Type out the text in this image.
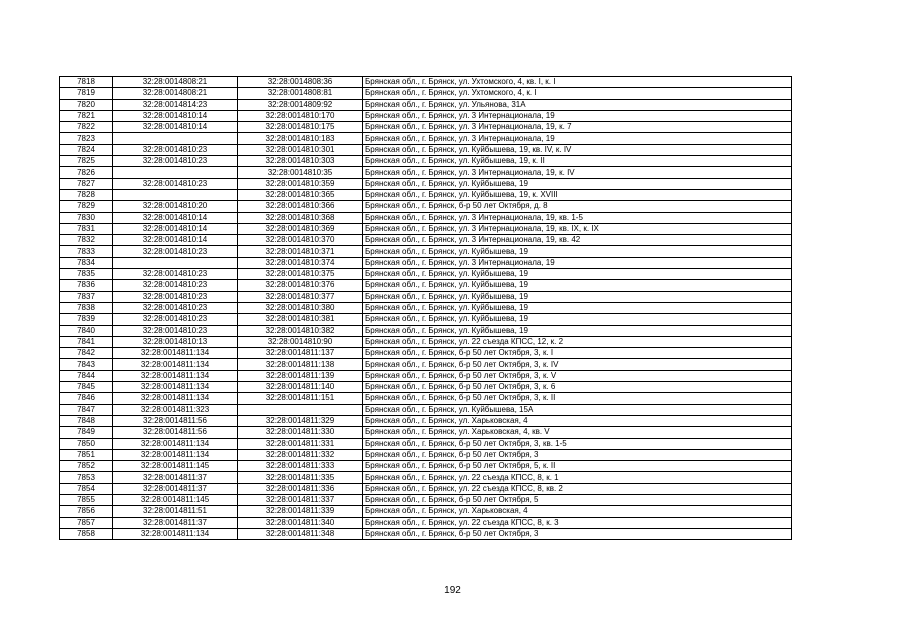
7818	32:28:0014808:21	32:28:0014808:36	Брянская обл., г. Брянск, ул. Ухтомского, 4, кв. I, к. I
7819	32:28:0014808:21	32:28:0014808:81	Брянская обл., г. Брянск, ул. Ухтомского, 4, к. I
7820	32:28:0014814:23	32:28:0014809:92	Брянская обл., г. Брянск, ул. Ульянова, 31А
7821	32:28:0014810:14	32:28:0014810:170	Брянская обл., г. Брянск, ул. 3 Интернационала, 19
7822	32:28:0014810:14	32:28:0014810:175	Брянская обл., г. Брянск, ул. 3 Интернационала, 19, к. 7
7823		32:28:0014810:183	Брянская обл., г. Брянск, ул. 3 Интернационала, 19
7824	32:28:0014810:23	32:28:0014810:301	Брянская обл., г. Брянск, ул. Куйбышева, 19, кв. IV, к. IV
7825	32:28:0014810:23	32:28:0014810:303	Брянская обл., г. Брянск, ул. Куйбышева, 19, к. II
7826		32:28:0014810:35	Брянская обл., г. Брянск, ул. 3 Интернационала, 19, к. IV
7827	32:28:0014810:23	32:28:0014810:359	Брянская обл., г. Брянск, ул. Куйбышева, 19
7828		32:28:0014810:365	Брянская обл., г. Брянск, ул. Куйбышева, 19, к. XVIII
7829	32:28:0014810:20	32:28:0014810:366	Брянская обл., г. Брянск, б-р 50 лет Октября, д. 8
7830	32:28:0014810:14	32:28:0014810:368	Брянская обл., г. Брянск, ул. 3 Интернационала, 19, кв. 1-5
7831	32:28:0014810:14	32:28:0014810:369	Брянская обл., г. Брянск, ул. 3 Интернационала, 19, кв. IX, к. IX
7832	32:28:0014810:14	32:28:0014810:370	Брянская обл., г. Брянск, ул. 3 Интернационала, 19, кв. 42
7833	32:28:0014810:23	32:28:0014810:371	Брянская обл., г. Брянск, ул. Куйбышева, 19
7834		32:28:0014810:374	Брянская обл., г. Брянск, ул. 3 Интернационала, 19
7835	32:28:0014810:23	32:28:0014810:375	Брянская обл., г. Брянск, ул. Куйбышева, 19
7836	32:28:0014810:23	32:28:0014810:376	Брянская обл., г. Брянск, ул. Куйбышева, 19
7837	32:28:0014810:23	32:28:0014810:377	Брянская обл., г. Брянск, ул. Куйбышева, 19
7838	32:28:0014810:23	32:28:0014810:380	Брянская обл., г. Брянск, ул. Куйбышева, 19
7839	32:28:0014810:23	32:28:0014810:381	Брянская обл., г. Брянск, ул. Куйбышева, 19
7840	32:28:0014810:23	32:28:0014810:382	Брянская обл., г. Брянск, ул. Куйбышева, 19
7841	32:28:0014810:13	32:28:0014810:90	Брянская обл., г. Брянск, ул. 22 съезда КПСС, 12, к. 2
7842	32:28:0014811:134	32:28:0014811:137	Брянская обл., г. Брянск, б-р 50 лет Октября, 3, к. I
7843	32:28:0014811:134	32:28:0014811:138	Брянская обл., г. Брянск, б-р 50 лет Октября, 3, к. IV
7844	32:28:0014811:134	32:28:0014811:139	Брянская обл., г. Брянск, б-р 50 лет Октября, 3, к. V
7845	32:28:0014811:134	32:28:0014811:140	Брянская обл., г. Брянск, б-р 50 лет Октября, 3, к. 6
7846	32:28:0014811:134	32:28:0014811:151	Брянская обл., г. Брянск, б-р 50 лет Октября, 3, к. II
7847	32:28:0014811:323		Брянская обл., г. Брянск, ул. Куйбышева, 15А
7848	32:28:0014811:56	32:28:0014811:329	Брянская обл., г. Брянск, ул. Харьковская, 4
7849	32:28:0014811:56	32:28:0014811:330	Брянская обл., г. Брянск, ул. Харьковская, 4, кв. V
7850	32:28:0014811:134	32:28:0014811:331	Брянская обл., г. Брянск, б-р 50 лет Октября, 3, кв. 1-5
7851	32:28:0014811:134	32:28:0014811:332	Брянская обл., г. Брянск, б-р 50 лет Октября, 3
7852	32:28:0014811:145	32:28:0014811:333	Брянская обл., г. Брянск, б-р 50 лет Октября, 5, к. II
7853	32:28:0014811:37	32:28:0014811:335	Брянская обл., г. Брянск, ул. 22 съезда КПСС, 8, к. 1
7854	32:28:0014811:37	32:28:0014811:336	Брянская обл., г. Брянск, ул. 22 съезда КПСС, 8, кв. 2
7855	32:28:0014811:145	32:28:0014811:337	Брянская обл., г. Брянск, б-р 50 лет Октября, 5
7856	32:28:0014811:51	32:28:0014811:339	Брянская обл., г. Брянск, ул. Харьковская, 4
7857	32:28:0014811:37	32:28:0014811:340	Брянская обл., г. Брянск, ул. 22 съезда КПСС, 8, к. 3
7858	32:28:0014811:134	32:28:0014811:348	Брянская обл., г. Брянск, б-р 50 лет Октября, 3
192
